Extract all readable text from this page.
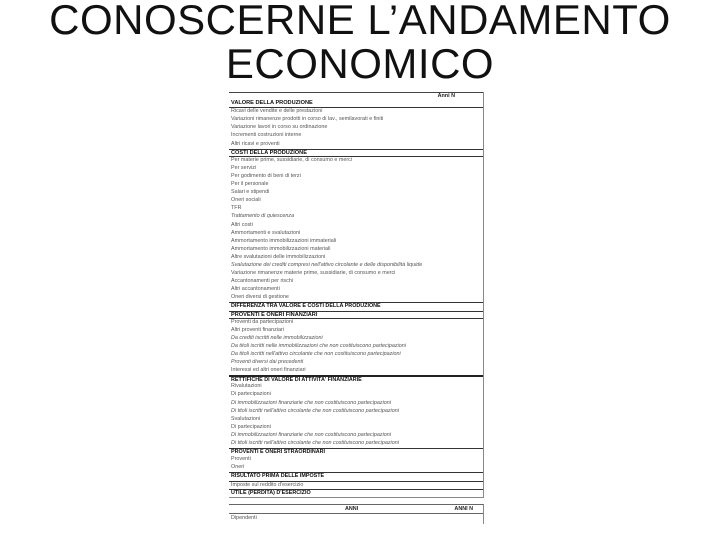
CONOSCERNE L’ANDAMENTO
ECONOMICO
Anni N
VALORE DELLA PRODUZIONE
Ricavi delle vendite e delle prestazioni
Variazioni rimanenze prodotti in corso di lav., semilavorati e finiti
Variazione lavori in corso su ordinazione
Incrementi costruzioni interne
Altri ricavi e proventi
COSTI DELLA PRODUZIONE
Per materie prime, sussidiarie, di consumo e merci
Per servizi
Per godimento di beni di terzi
Per il personale
Salari e stipendi
Oneri sociali
TFR
Trattamento di quiescenza
Altri costi
Ammortamenti e svalutazioni
Ammortamento immobilizzazioni immateriali
Ammortamento immobilizzazioni materiali
Altre svalutazioni delle immobilizzazioni
Svalutazione dei crediti compresi nell'attivo circolante e delle disponibilità liquide
Variazione rimanenze materie prime, sussidiarie, di consumo e merci
Accantonamenti per rischi
Altri accantonamenti
Oneri diversi di gestione
DIFFERENZA TRA VALORE E COSTI DELLA PRODUZIONE
PROVENTI E ONERI FINANZIARI
Proventi da partecipazioni
Altri proventi finanziari
Da crediti iscritti nelle immobilizzazioni
Da titoli iscritti nelle immobilizzazioni che non costituiscono partecipazioni
Da titoli iscritti nell'attivo circolante che non costituiscono partecipazioni
Proventi diversi dai precedenti
Interessi ed altri oneri finanziari
RETTIFICHE DI VALORE DI ATTIVITA' FINANZIARIE
Rivalutazioni
Di partecipazioni
Di immobilizzazioni finanziarie che non costituiscono partecipazioni
Di titoli iscritti nell'attivo circolante che non costituiscono partecipazioni
Svalutazioni
Di partecipazioni
Di immobilizzazioni finanziarie che non costituiscono partecipazioni
Di titoli iscritti nell'attivo circolante che non costituiscono partecipazioni
PROVENTI E ONERI STRAORDINARI
Proventi
Oneri
RISULTATO PRIMA DELLE IMPOSTE
Imposte sul reddito d'esercizio
UTILE (PERDITA) D'ESERCIZIO
ANNI	ANNI N
Dipendenti
